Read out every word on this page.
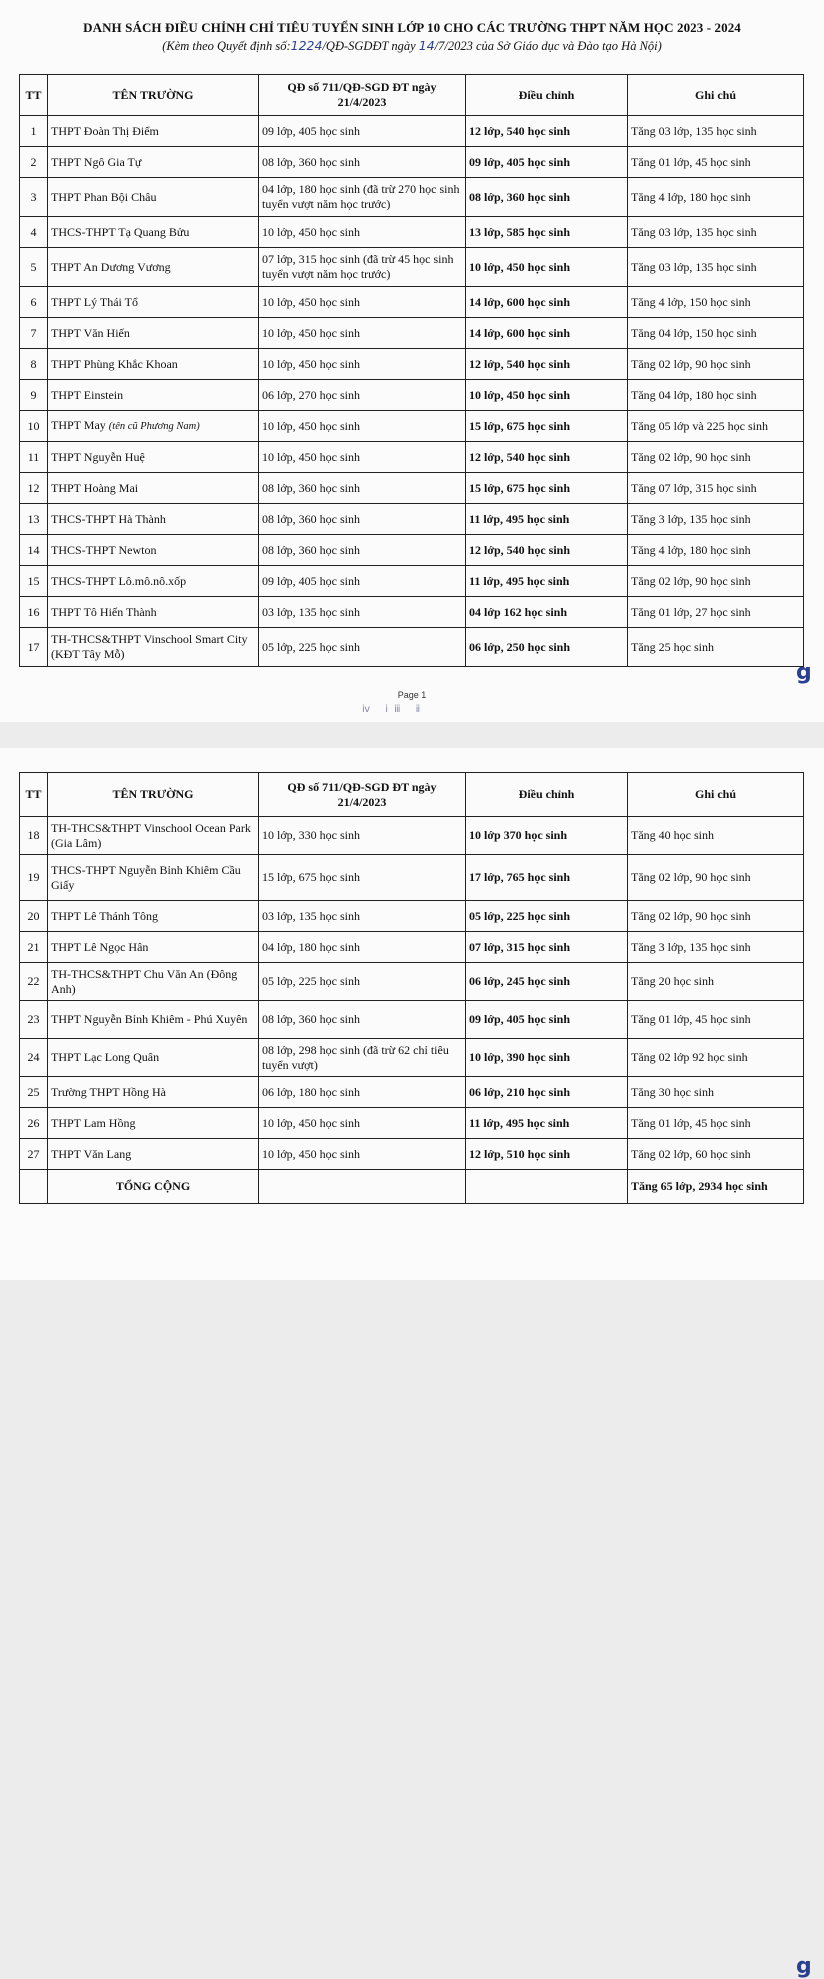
DANH SÁCH ĐIỀU CHỈNH CHỈ TIÊU TUYỂN SINH LỚP 10 CHO CÁC TRƯỜNG THPT NĂM HỌC 2023 - 2024
(Kèm theo Quyết định số:1224/QĐ-SGDĐT ngày 14/7/2023 của Sở Giáo dục và Đào tạo Hà Nội)
TT	TÊN TRƯỜNG	QĐ số 711/QĐ-SGD ĐT ngày 21/4/2023	Điều chỉnh	Ghi chú
1	THPT Đoàn Thị Điểm	09 lớp, 405 học sinh	12 lớp, 540 học sinh	Tăng 03 lớp, 135 học sinh
2	THPT Ngô Gia Tự	08 lớp, 360 học sinh	09 lớp, 405 học sinh	Tăng 01 lớp, 45 học sinh
3	THPT Phan Bội Châu	04 lớp, 180 học sinh (đã trừ 270 học sinh tuyển vượt năm học trước)	08 lớp, 360 học sinh	Tăng 4 lớp, 180 học sinh
4	THCS-THPT Tạ Quang Bửu	10 lớp, 450 học sinh	13 lớp, 585 học sinh	Tăng 03 lớp, 135 học sinh
5	THPT An Dương Vương	07 lớp, 315 học sinh (đã trừ 45 học sinh tuyển vượt năm học trước)	10 lớp, 450 học sinh	Tăng 03 lớp, 135 học sinh
6	THPT Lý Thái Tổ	10 lớp, 450 học sinh	14 lớp, 600 học sinh	Tăng 4 lớp, 150 học sinh
7	THPT Văn Hiến	10 lớp, 450 học sinh	14 lớp, 600 học sinh	Tăng 04 lớp, 150 học sinh
8	THPT Phùng Khắc Khoan	10 lớp, 450 học sinh	12 lớp, 540 học sinh	Tăng 02 lớp, 90 học sinh
9	THPT Einstein	06 lớp, 270 học sinh	10 lớp, 450 học sinh	Tăng 04 lớp, 180 học sinh
10	THPT May (tên cũ Phương Nam)	10 lớp, 450 học sinh	15 lớp, 675 học sinh	Tăng 05 lớp và 225 học sinh
11	THPT Nguyễn Huệ	10 lớp, 450 học sinh	12 lớp, 540 học sinh	Tăng 02 lớp, 90 học sinh
12	THPT Hoàng Mai	08 lớp, 360 học sinh	15 lớp, 675 học sinh	Tăng 07 lớp, 315 học sinh
13	THCS-THPT Hà Thành	08 lớp, 360 học sinh	11 lớp, 495 học sinh	Tăng 3 lớp, 135 học sinh
14	THCS-THPT Newton	08 lớp, 360 học sinh	12 lớp, 540 học sinh	Tăng 4 lớp, 180 học sinh
15	THCS-THPT Lô.mô.nô.xốp	09 lớp, 405 học sinh	11 lớp, 495 học sinh	Tăng 02 lớp, 90 học sinh
16	THPT Tô Hiến Thành	03 lớp, 135 học sinh	04 lớp 162 học sinh	Tăng 01 lớp, 27 học sinh
17	TH-THCS&THPT Vinschool Smart City (KĐT Tây Mỗ)	05 lớp, 225 học sinh	06 lớp, 250 học sinh	Tăng 25 học sinh
Page 1
ⅳ ⅰⅲ ⅱ
g
TT	TÊN TRƯỜNG	QĐ số 711/QĐ-SGD ĐT ngày 21/4/2023	Điều chỉnh	Ghi chú
18	TH-THCS&THPT Vinschool Ocean Park (Gia Lâm)	10 lớp, 330 học sinh	10 lớp 370 học sinh	Tăng 40 học sinh
19	THCS-THPT Nguyễn Bỉnh Khiêm Cầu Giấy	15 lớp, 675 học sinh	17 lớp, 765 học sinh	Tăng 02 lớp, 90 học sinh
20	THPT Lê Thánh Tông	03 lớp, 135 học sinh	05 lớp, 225 học sinh	Tăng 02 lớp, 90 học sinh
21	THPT Lê Ngọc Hân	04 lớp, 180 học sinh	07 lớp, 315 học sinh	Tăng 3 lớp, 135 học sinh
22	TH-THCS&THPT Chu Văn An (Đông Anh)	05 lớp, 225 học sinh	06 lớp, 245 học sinh	Tăng 20 học sinh
23	THPT Nguyễn Bỉnh Khiêm - Phú Xuyên	08 lớp, 360 học sinh	09 lớp, 405 học sinh	Tăng 01 lớp, 45 học sinh
24	THPT Lạc Long Quân	08 lớp, 298 học sinh (đã trừ 62 chỉ tiêu tuyển vượt)	10 lớp, 390 học sinh	Tăng 02 lớp 92 học sinh
25	Trường THPT Hồng Hà	06 lớp, 180 học sinh	06 lớp, 210 học sinh	Tăng 30 học sinh
26	THPT Lam Hồng	10 lớp, 450 học sinh	11 lớp, 495 học sinh	Tăng 01 lớp, 45 học sinh
27	THPT Văn Lang	10 lớp, 450 học sinh	12 lớp, 510 học sinh	Tăng 02 lớp, 60 học sinh
	TỔNG CỘNG			Tăng 65 lớp, 2934 học sinh
g
